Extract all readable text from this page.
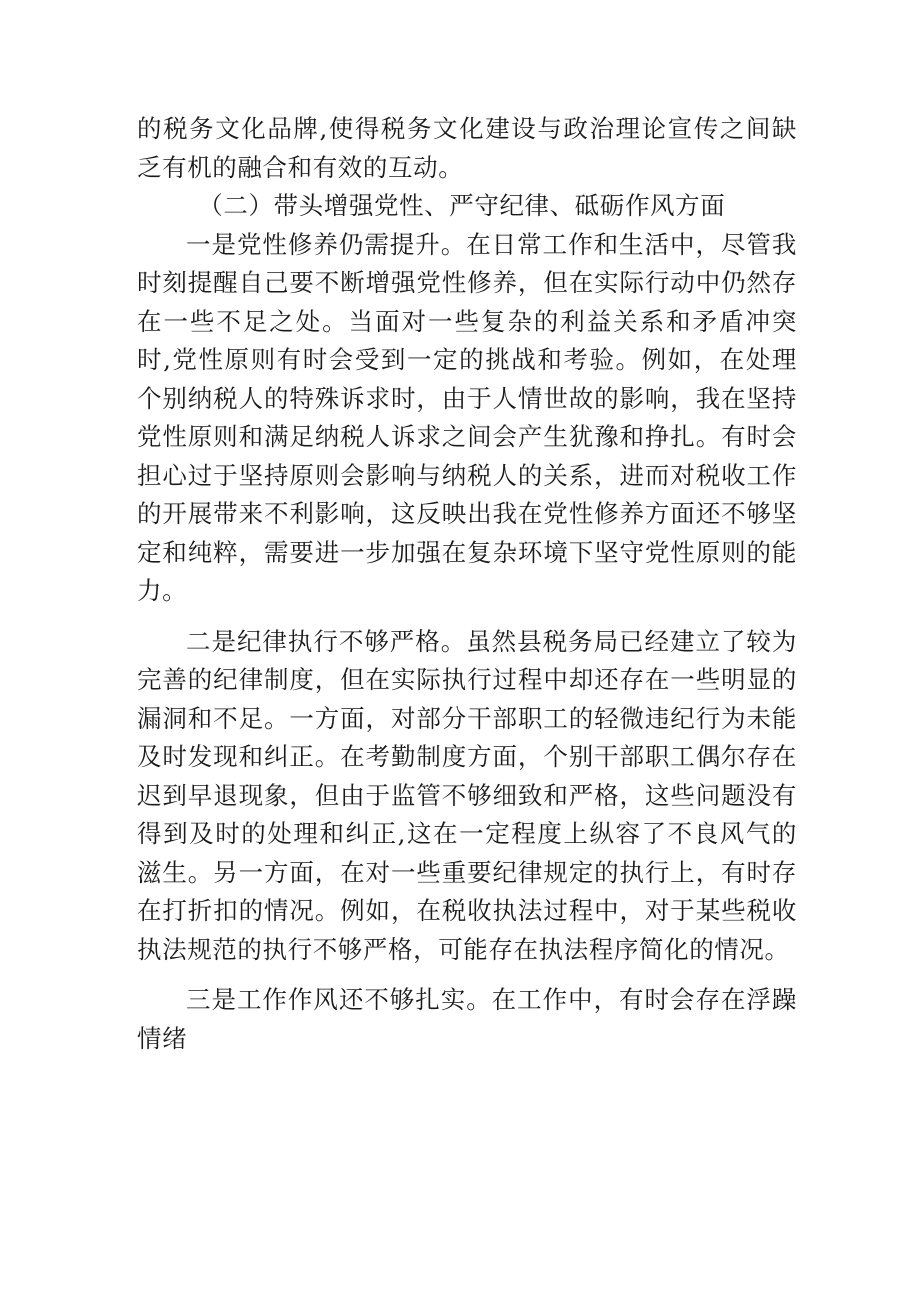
的税务文化品牌,使得税务文化建设与政治理论宣传之间缺乏有机的融合和有效的互动。

（二）带头增强党性、严守纪律、砥砺作风方面

一是党性修养仍需提升。在日常工作和生活中，尽管我时刻提醒自己要不断增强党性修养，但在实际行动中仍然存在一些不足之处。当面对一些复杂的利益关系和矛盾冲突时,党性原则有时会受到一定的挑战和考验。例如，在处理个别纳税人的特殊诉求时，由于人情世故的影响，我在坚持党性原则和满足纳税人诉求之间会产生犹豫和挣扎。有时会担心过于坚持原则会影响与纳税人的关系，进而对税收工作的开展带来不利影响，这反映出我在党性修养方面还不够坚定和纯粹，需要进一步加强在复杂环境下坚守党性原则的能力。

二是纪律执行不够严格。虽然县税务局已经建立了较为完善的纪律制度，但在实际执行过程中却还存在一些明显的漏洞和不足。一方面，对部分干部职工的轻微违纪行为未能及时发现和纠正。在考勤制度方面，个别干部职工偶尔存在迟到早退现象，但由于监管不够细致和严格，这些问题没有得到及时的处理和纠正,这在一定程度上纵容了不良风气的滋生。另一方面，在对一些重要纪律规定的执行上，有时存在打折扣的情况。例如，在税收执法过程中，对于某些税收执法规范的执行不够严格，可能存在执法程序简化的情况。

三是工作作风还不够扎实。在工作中，有时会存在浮躁情绪
